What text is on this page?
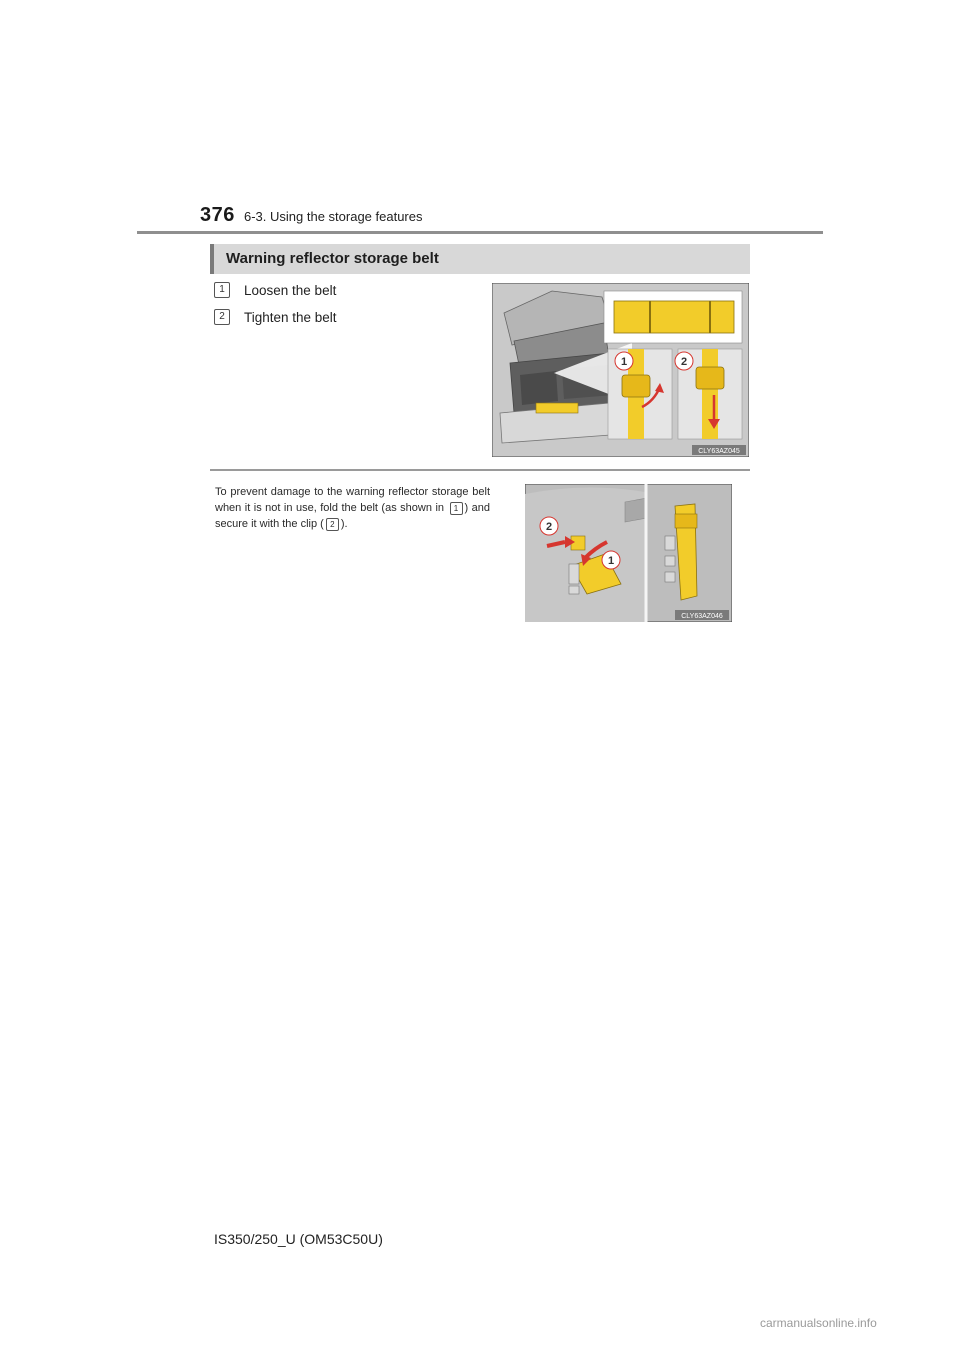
376 6-3. Using the storage features
Warning reflector storage belt
1 Loosen the belt
2 Tighten the belt
1	2
CLY63AZ045

To prevent damage to the warning reflector storage belt when it is not in use, fold the belt (as shown in 1 ) and secure it with the clip ( 2 ).	2
1
CLY63AZ046
IS350/250_U (OM53C50U)
carmanualsonline.info
